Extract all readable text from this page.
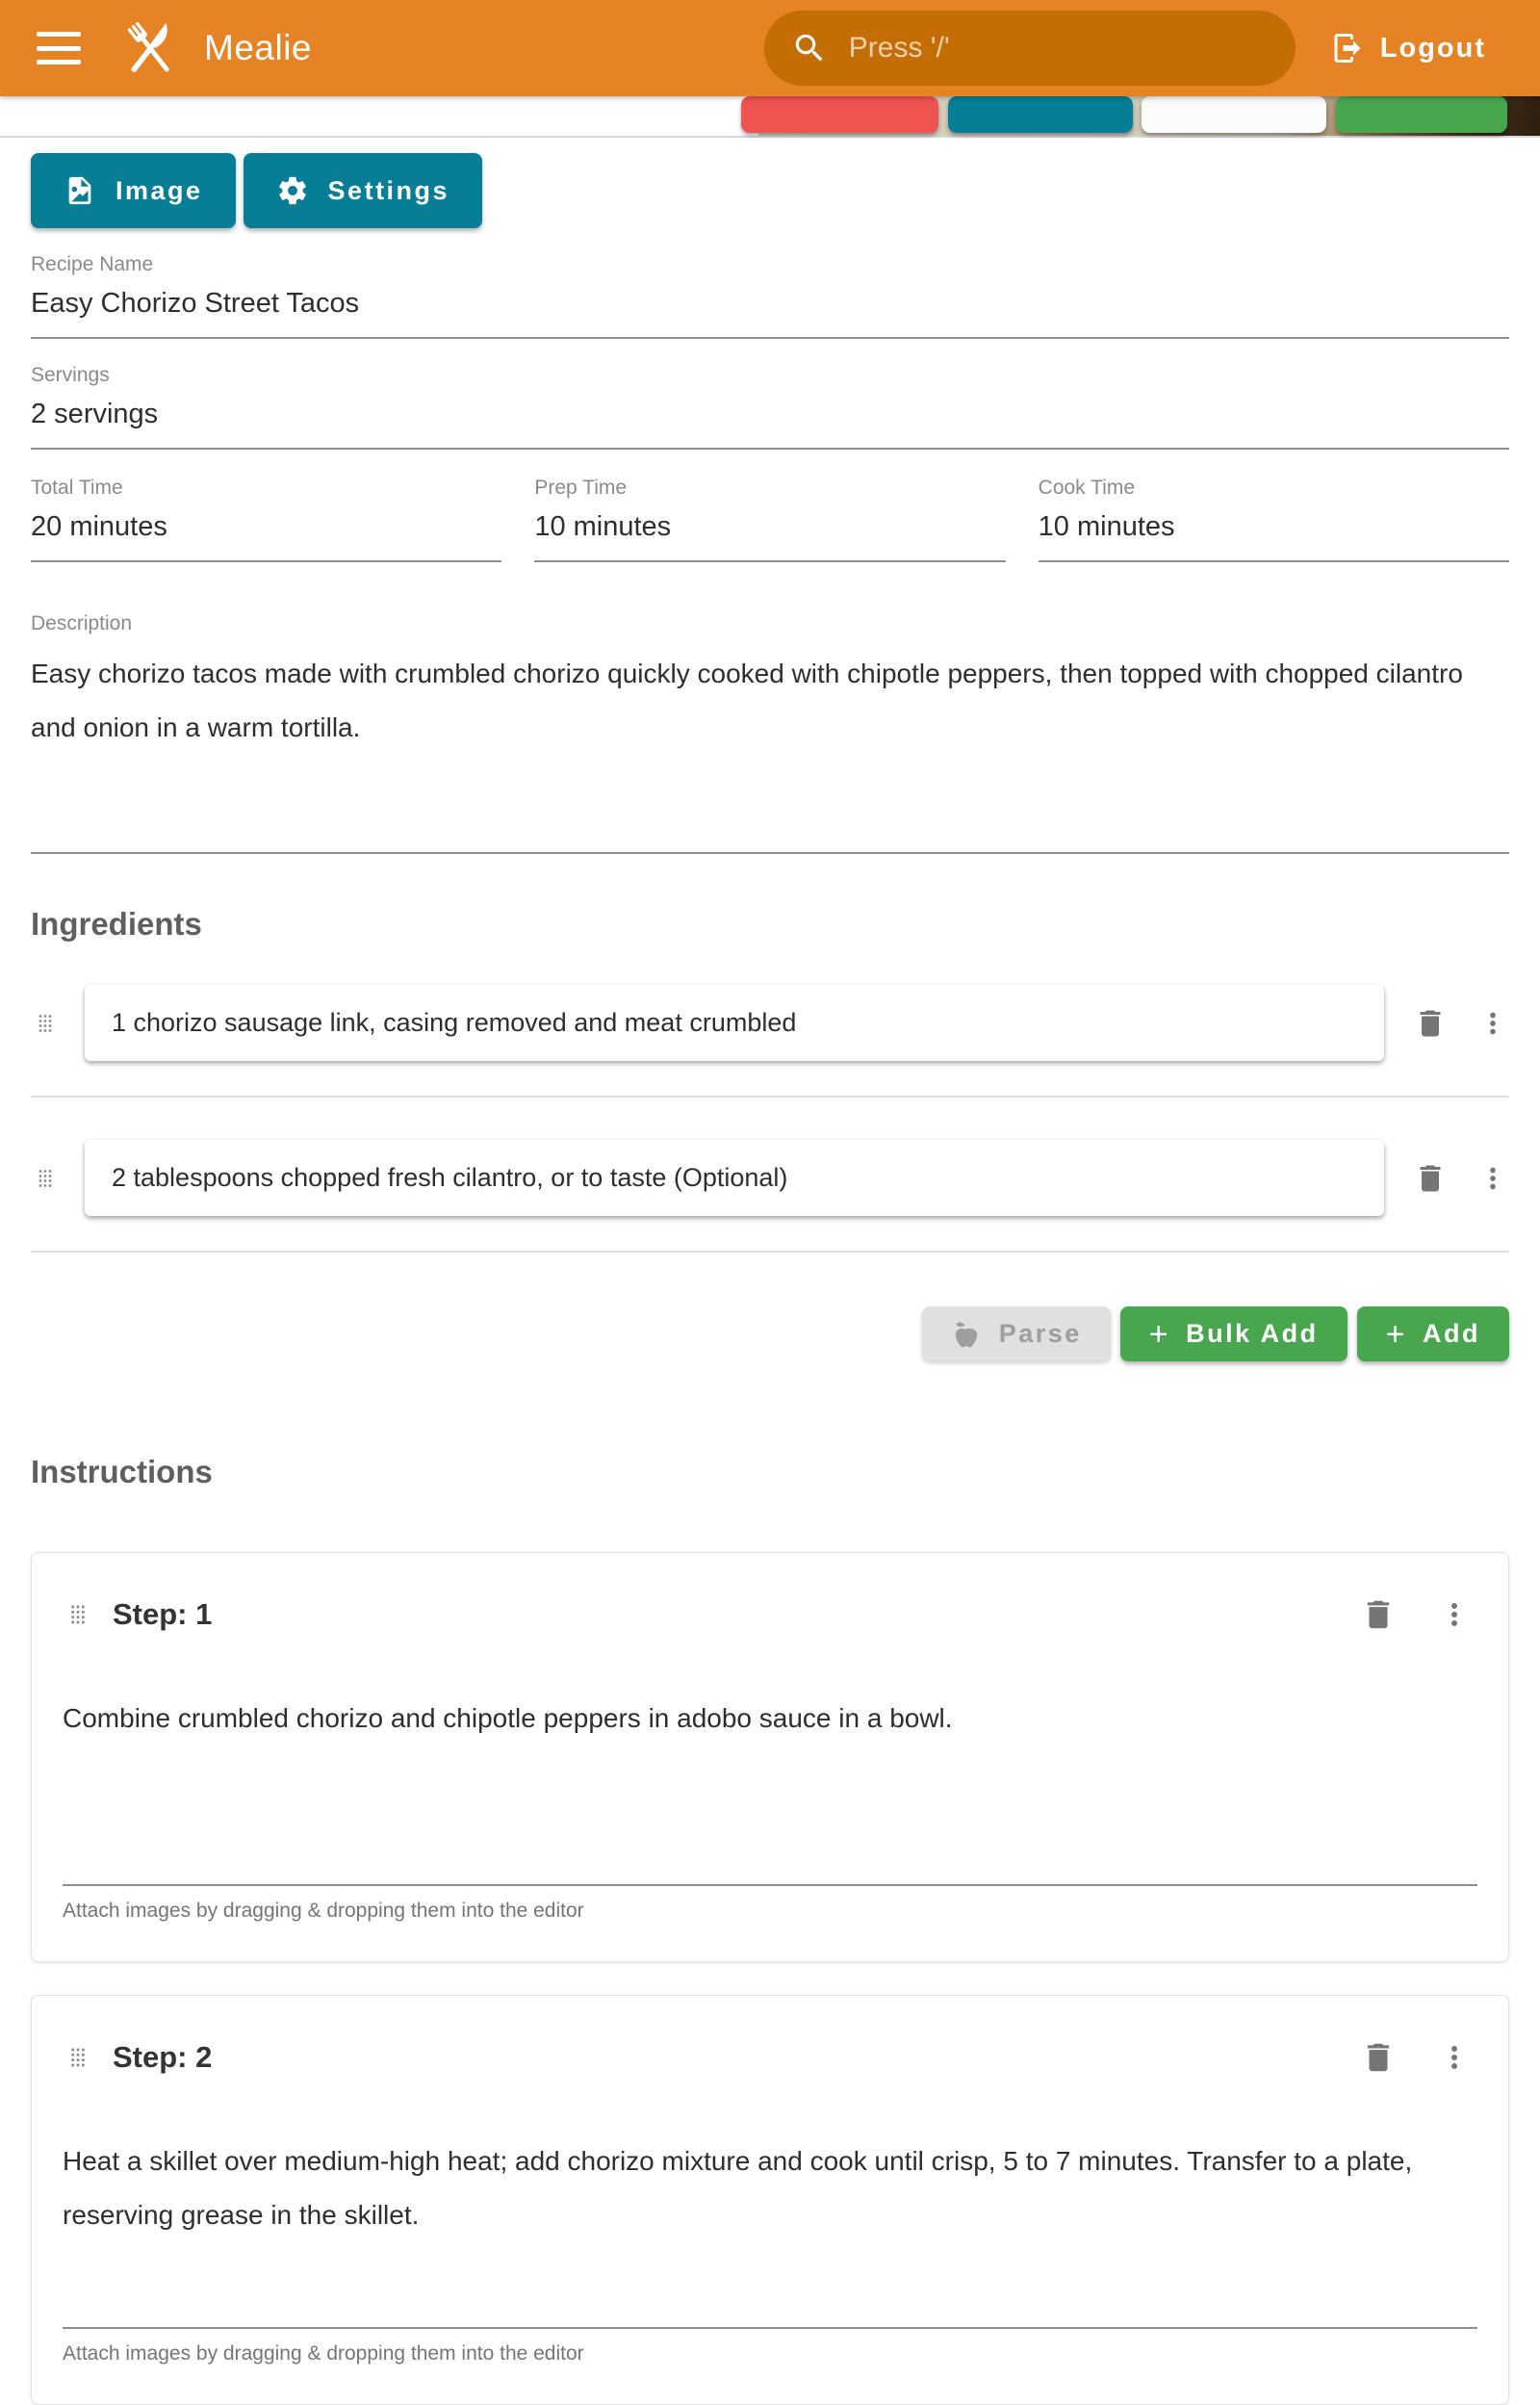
Mealie
Press '/'	Logout
Image	Settings
Recipe Name
Easy Chorizo Street Tacos
Servings
2 servings
Total Time
20 minutes
Prep Time
10 minutes
Cook Time
10 minutes
Description
Easy chorizo tacos made with crumbled chorizo quickly cooked with chipotle peppers, then topped with chopped cilantro and onion in a warm tortilla.
Ingredients
1 chorizo sausage link, casing removed and meat crumbled
2 tablespoons chopped fresh cilantro, or to taste (Optional)
Parse + Bulk Add + Add
Instructions
Step: 1
Combine crumbled chorizo and chipotle peppers in adobo sauce in a bowl.
Attach images by dragging & dropping them into the editor
Step: 2
Heat a skillet over medium-high heat; add chorizo mixture and cook until crisp, 5 to 7 minutes. Transfer to a plate, reserving grease in the skillet.
Attach images by dragging & dropping them into the editor
